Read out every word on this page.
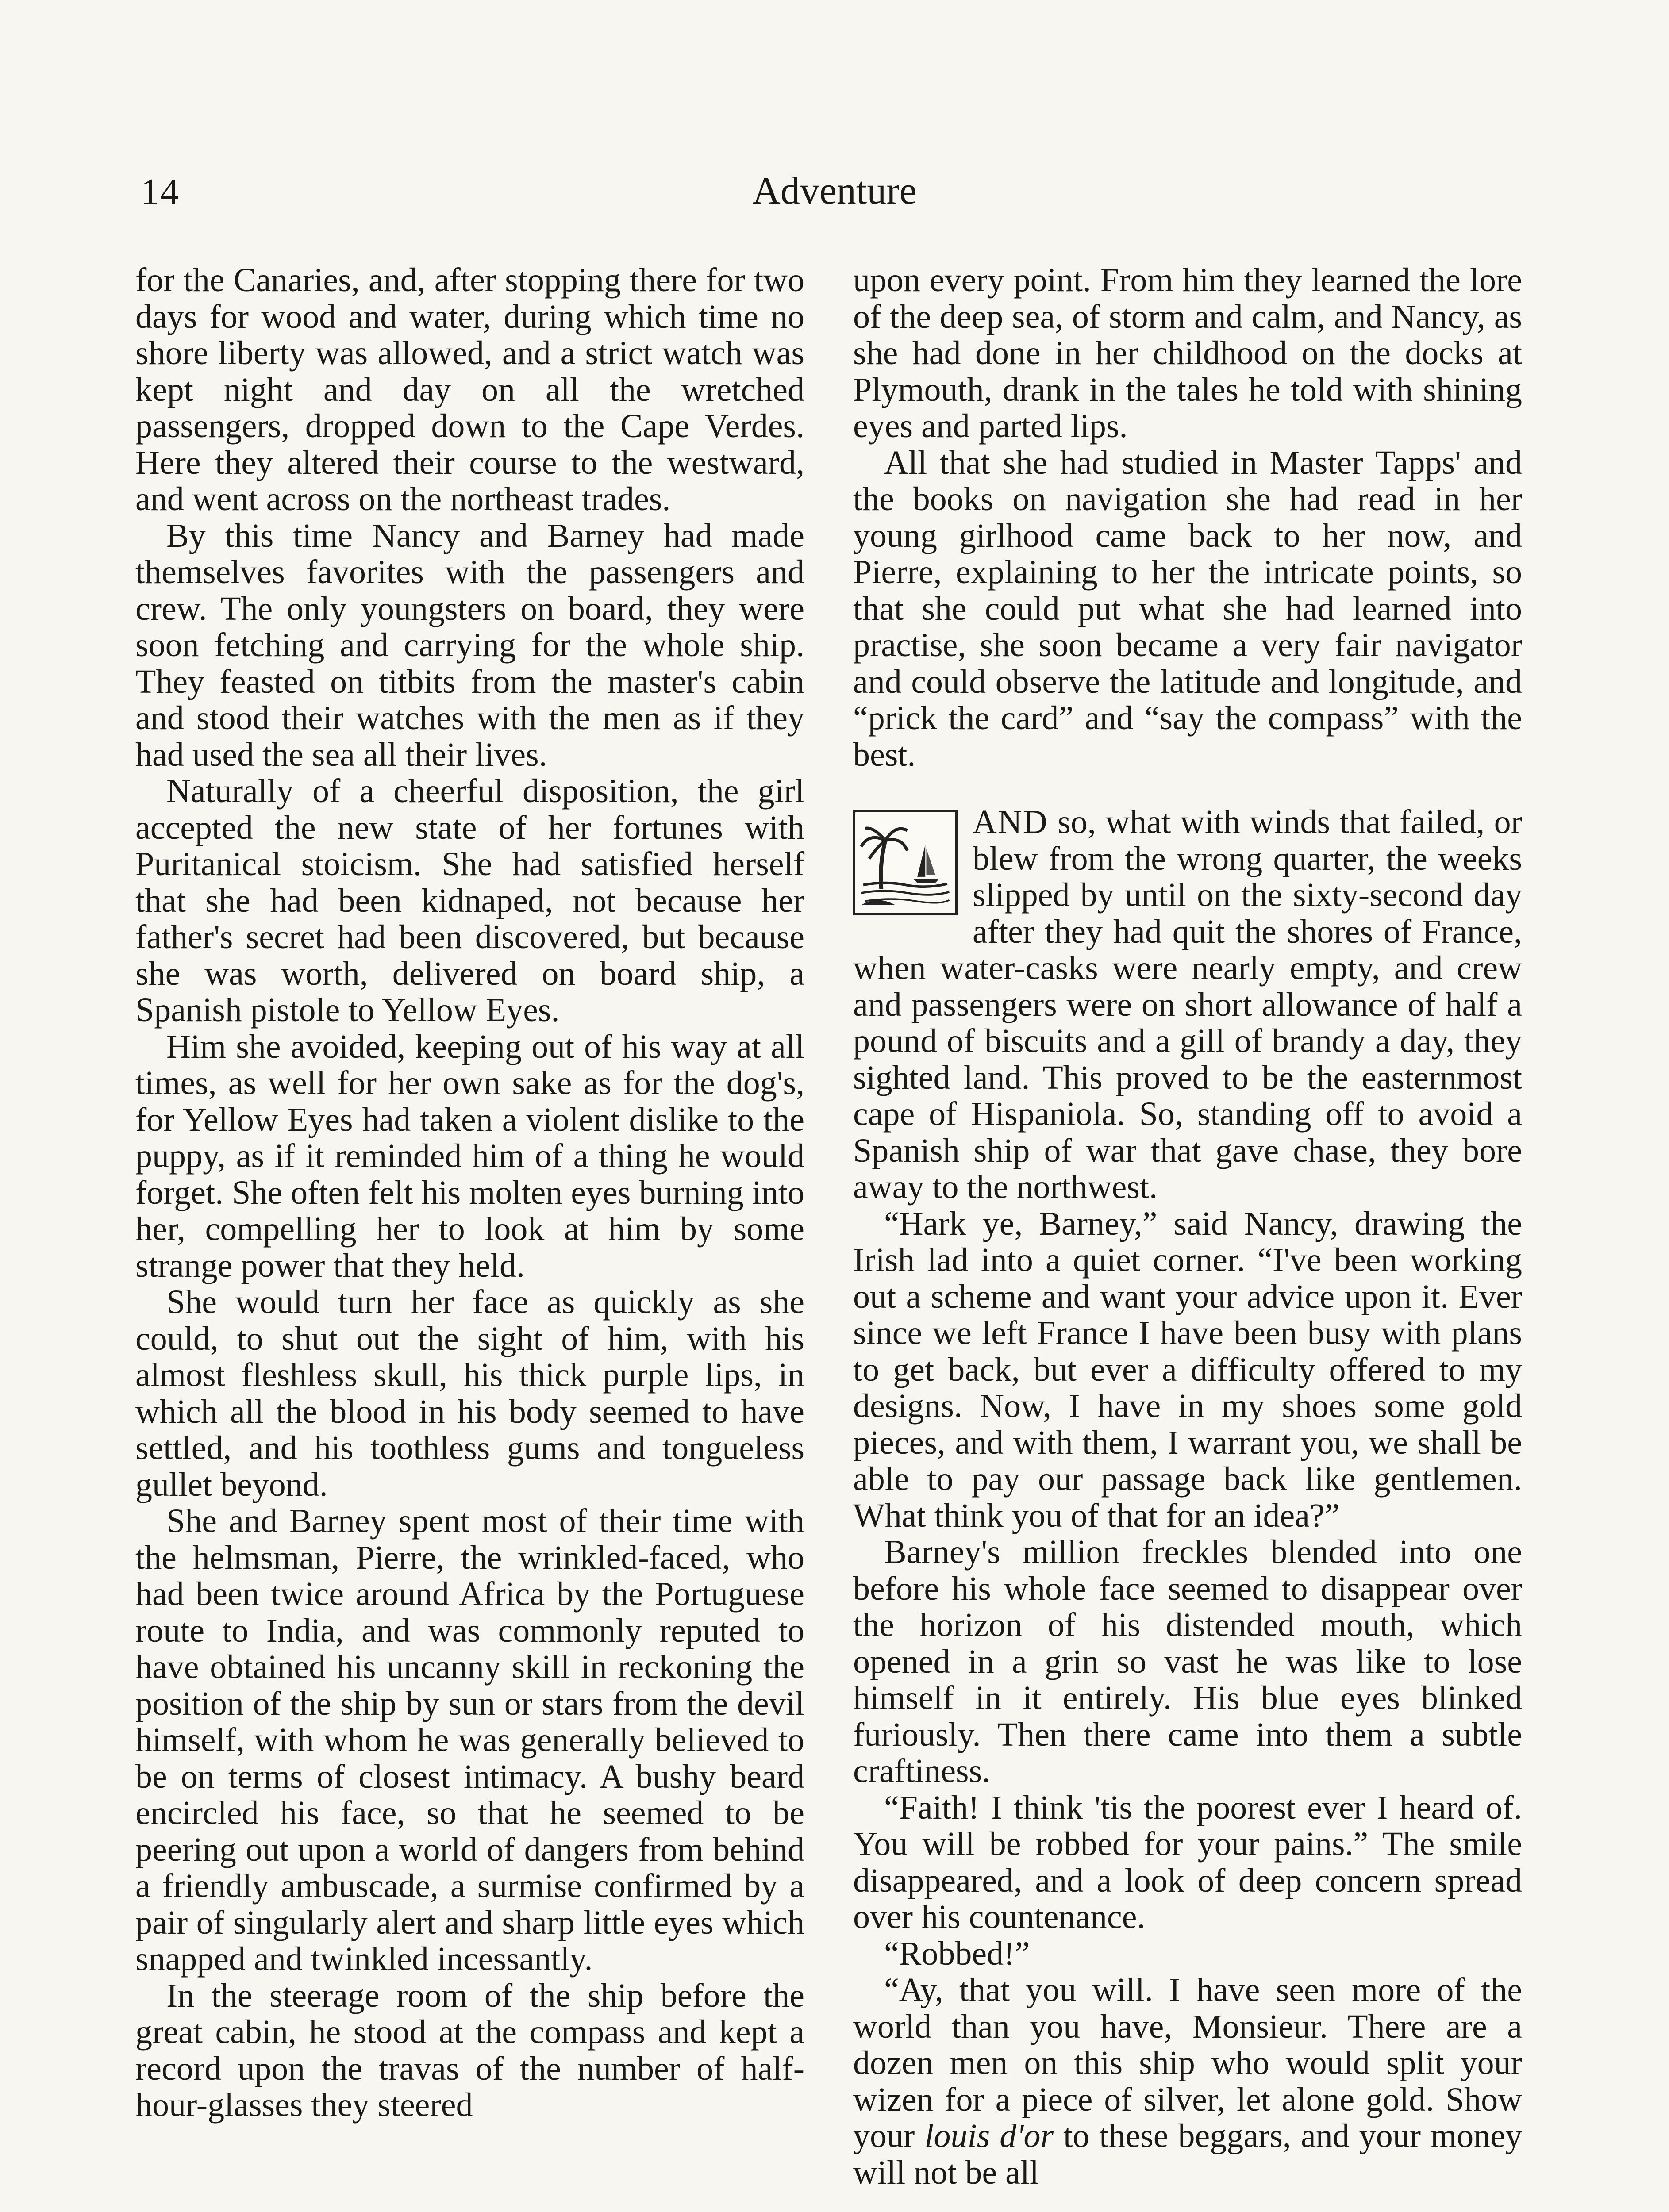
14	Adventure

for the Canaries, and, after stopping there for two days for wood and water, during which time no shore liberty was allowed, and a strict watch was kept night and day on all the wretched passengers, dropped down to the Cape Verdes. Here they altered their course to the westward, and went across on the northeast trades.

By this time Nancy and Barney had made themselves favorites with the passengers and crew. The only youngsters on board, they were soon fetching and carrying for the whole ship. They feasted on titbits from the master's cabin and stood their watches with the men as if they had used the sea all their lives.

Naturally of a cheerful disposition, the girl accepted the new state of her fortunes with Puritanical stoicism. She had satisfied herself that she had been kidnaped, not because her father's secret had been discovered, but because she was worth, delivered on board ship, a Spanish pistole to Yellow Eyes.

Him she avoided, keeping out of his way at all times, as well for her own sake as for the dog's, for Yellow Eyes had taken a violent dislike to the puppy, as if it reminded him of a thing he would forget. She often felt his molten eyes burning into her, compelling her to look at him by some strange power that they held.

She would turn her face as quickly as she could, to shut out the sight of him, with his almost fleshless skull, his thick purple lips, in which all the blood in his body seemed to have settled, and his toothless gums and tongueless gullet beyond.

She and Barney spent most of their time with the helmsman, Pierre, the wrinkled-faced, who had been twice around Africa by the Portuguese route to India, and was commonly reputed to have obtained his uncanny skill in reckoning the position of the ship by sun or stars from the devil himself, with whom he was generally believed to be on terms of closest intimacy. A bushy beard encircled his face, so that he seemed to be peering out upon a world of dangers from behind a friendly ambuscade, a surmise confirmed by a pair of singularly alert and sharp little eyes which snapped and twinkled incessantly.

In the steerage room of the ship before the great cabin, he stood at the compass and kept a record upon the travas of the number of half-hour-glasses they steered

upon every point. From him they learned the lore of the deep sea, of storm and calm, and Nancy, as she had done in her childhood on the docks at Plymouth, drank in the tales he told with shining eyes and parted lips.

All that she had studied in Master Tapps' and the books on navigation she had read in her young girlhood came back to her now, and Pierre, explaining to her the intricate points, so that she could put what she had learned into practise, she soon became a very fair navigator and could observe the latitude and longitude, and “prick the card” and “say the compass” with the best.

AND so, what with winds that failed, or blew from the wrong quarter, the weeks slipped by until on the sixty-second day after they had quit the shores of France, when water-casks were nearly empty, and crew and passengers were on short allowance of half a pound of biscuits and a gill of brandy a day, they sighted land. This proved to be the easternmost cape of Hispaniola. So, standing off to avoid a Spanish ship of war that gave chase, they bore away to the northwest.

“Hark ye, Barney,” said Nancy, drawing the Irish lad into a quiet corner. “I've been working out a scheme and want your advice upon it. Ever since we left France I have been busy with plans to get back, but ever a difficulty offered to my designs. Now, I have in my shoes some gold pieces, and with them, I warrant you, we shall be able to pay our passage back like gentlemen. What think you of that for an idea?”

Barney's million freckles blended into one before his whole face seemed to disappear over the horizon of his distended mouth, which opened in a grin so vast he was like to lose himself in it entirely. His blue eyes blinked furiously. Then there came into them a subtle craftiness.

“Faith! I think 'tis the poorest ever I heard of. You will be robbed for your pains.” The smile disappeared, and a look of deep concern spread over his countenance.

“Robbed!”

“Ay, that you will. I have seen more of the world than you have, Monsieur. There are a dozen men on this ship who would split your wizen for a piece of silver, let alone gold. Show your louis d'or to these beggars, and your money will not be all
